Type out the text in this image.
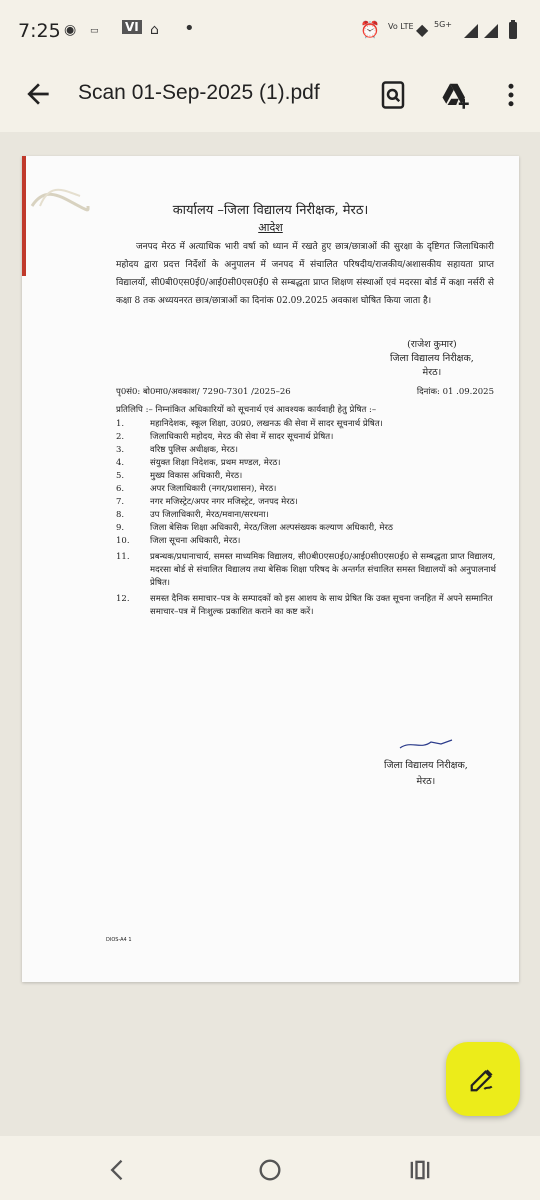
7:25 ◉ ▭ VI ⌂ •	⏰ Vo LTE ◆ 5G+
Scan 01-Sep-2025 (1).pdf
कार्यालय –जिला विद्यालय निरीक्षक, मेरठ।
आदेश
जनपद मेरठ में अत्याधिक भारी वर्षा को ध्यान में रखते हुए छात्र/छात्राओं की सुरक्षा के दृष्टिगत जिलाधिकारी महोदय द्वारा प्रदत्त निर्देशों के अनुपालन में जनपद में संचालित परिषदीय/राजकीय/अशासकीय सहायता प्राप्त विद्यालयों, सी0बी0एस0ई0/आई0सी0एस0ई0 से सम्बद्धता प्राप्त शिक्षण संस्थाओं एवं मदरसा बोर्ड में कक्षा नर्सरी से कक्षा 8 तक अध्ययनरत छात्र/छात्राओं का दिनांक 02.09.2025 अवकाश घोषित किया जाता है।
(राजेश कुमार)
जिला विद्यालय निरीक्षक,
मेरठ।
पृ0सं0: बो0मा0/अवकाश/ 7290-7301 /2025–26	दिनांक: 01 .09.2025
प्रतिलिपि :– निम्नांकित अधिकारियों को सूचनार्थ एवं आवश्यक कार्यवाही हेतु प्रेषित :–
1.	महानिदेशक, स्कूल शिक्षा, उ0प्र0, लखनऊ की सेवा में सादर सूचनार्थ प्रेषित।
2.	जिलाधिकारी महोदय, मेरठ की सेवा में सादर सूचनार्थ प्रेषित।
3.	वरिष्ठ पुलिस अधीक्षक, मेरठ।
4.	संयुक्त शिक्षा निदेशक, प्रथम मण्डल, मेरठ।
5.	मुख्य विकास अधिकारी, मेरठ।
6.	अपर जिलाधिकारी (नगर/प्रशासन), मेरठ।
7.	नगर मजिस्ट्रेट/अपर नगर मजिस्ट्रेट, जनपद मेरठ।
8.	उप जिलाधिकारी, मेरठ/मवाना/सरधना।
9.	जिला बेसिक शिक्षा अधिकारी, मेरठ/जिला अल्पसंख्यक कल्याण अधिकारी, मेरठ
10.	जिला सूचना अधिकारी, मेरठ।
11.	प्रबन्धक/प्रधानाचार्य, समस्त माध्यमिक विद्यालय, सी0बी0एस0ई0/आई0सी0एस0ई0 से सम्बद्धता प्राप्त विद्यालय, मदरसा बोर्ड से संचालित विद्यालय तथा बेसिक शिक्षा परिषद के अन्तर्गत संचालित समस्त विद्यालयों को अनुपालनार्थ प्रेषित।
12.	समस्त दैनिक समाचार–पत्र के सम्पादकों को इस आशय के साथ प्रेषित कि उक्त सूचना जनहित में अपने सम्मानित समाचार–पत्र में निःशुल्क प्रकाशित कराने का कष्ट करें।
जिला विद्यालय निरीक्षक,
मेरठ।
DIOS-A4 1
